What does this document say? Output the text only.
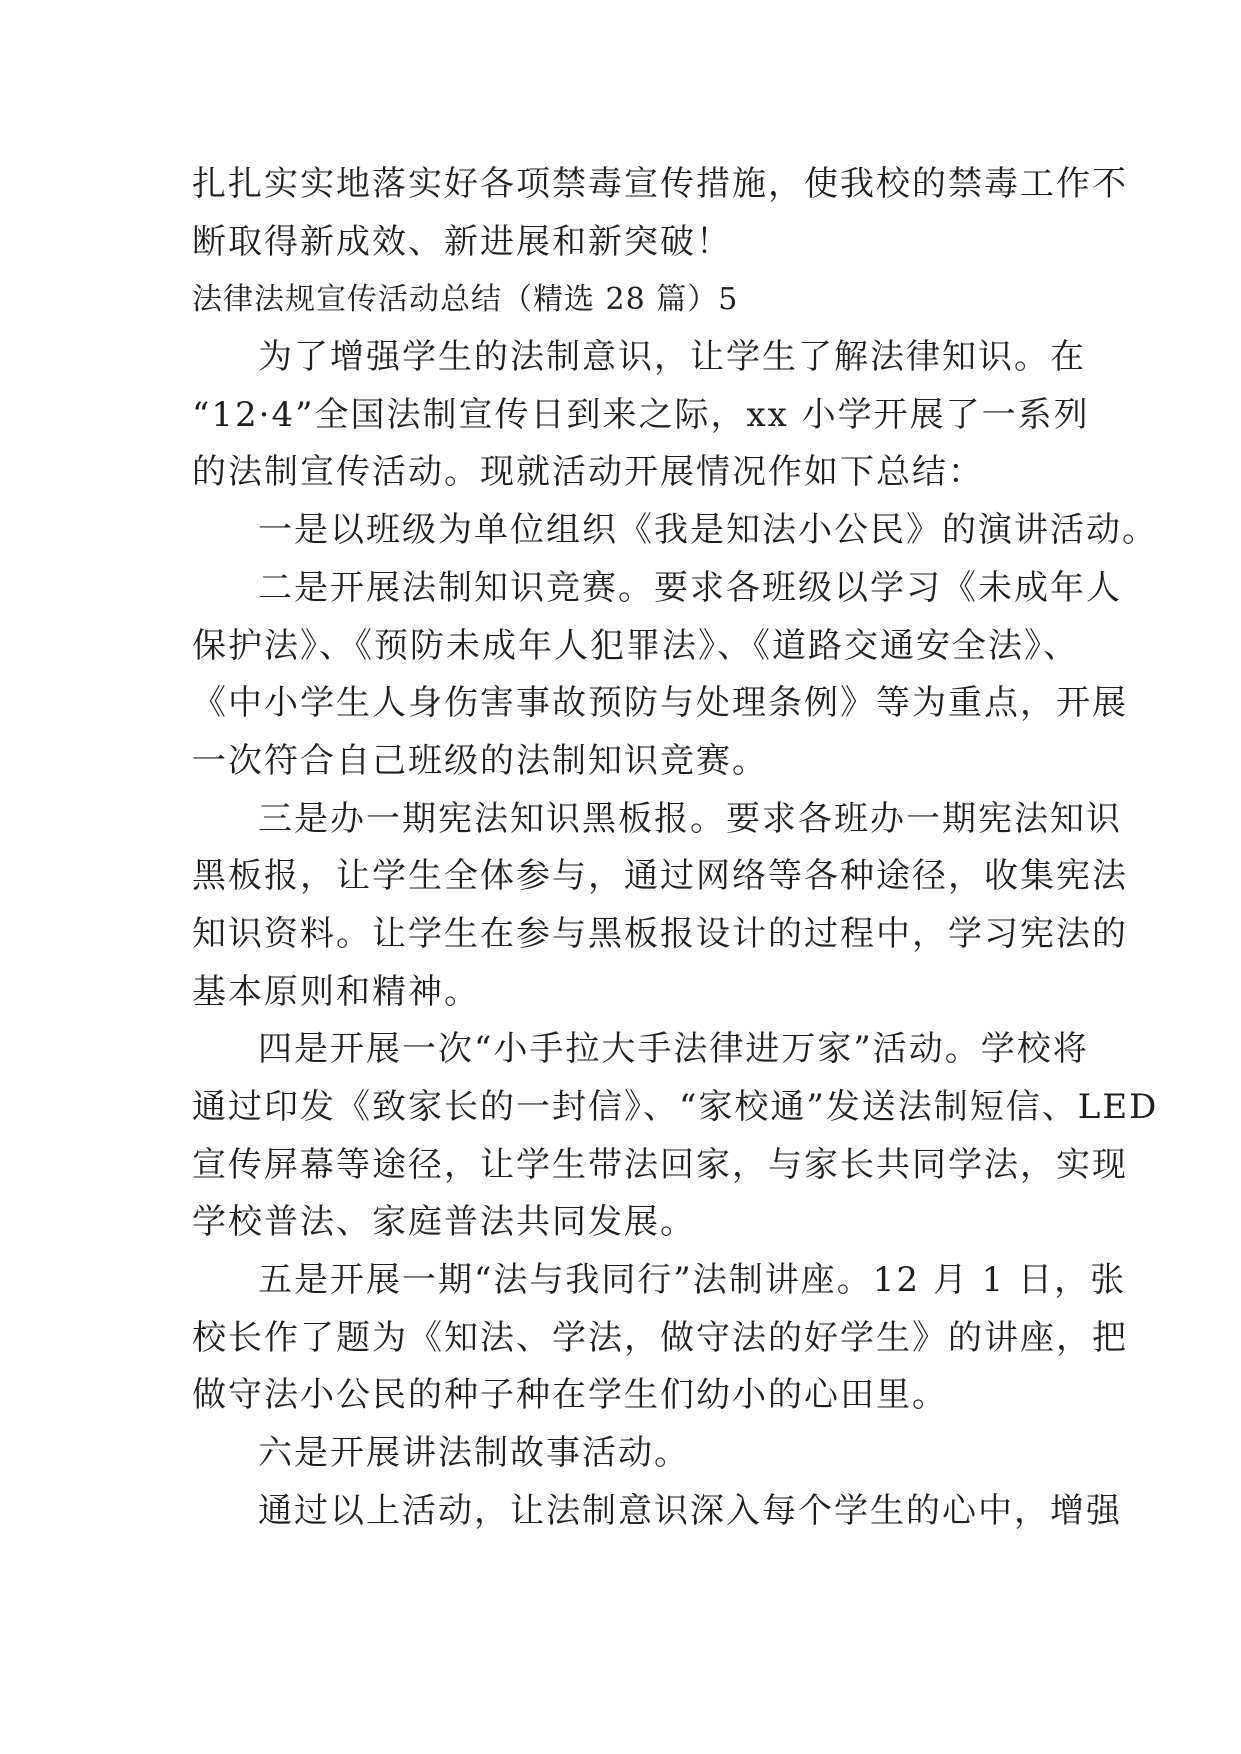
扎扎实实地落实好各项禁毒宣传措施，使我校的禁毒工作不
断取得新成效、新进展和新突破！
法律法规宣传活动总结（精选 28 篇）5
为了增强学生的法制意识，让学生了解法律知识。在
“12·4”全国法制宣传日到来之际，xx 小学开展了一系列
的法制宣传活动。现就活动开展情况作如下总结：
一是以班级为单位组织《我是知法小公民》的演讲活动。
二是开展法制知识竞赛。要求各班级以学习《未成年人
保护法》、《预防未成年人犯罪法》、《道路交通安全法》、
《中小学生人身伤害事故预防与处理条例》等为重点，开展
一次符合自己班级的法制知识竞赛。
三是办一期宪法知识黑板报。要求各班办一期宪法知识
黑板报，让学生全体参与，通过网络等各种途径，收集宪法
知识资料。让学生在参与黑板报设计的过程中，学习宪法的
基本原则和精神。
四是开展一次“小手拉大手法律进万家”活动。学校将
通过印发《致家长的一封信》、“家校通”发送法制短信、LED
宣传屏幕等途径，让学生带法回家，与家长共同学法，实现
学校普法、家庭普法共同发展。
五是开展一期“法与我同行”法制讲座。12 月 1 日，张
校长作了题为《知法、学法，做守法的好学生》的讲座，把
做守法小公民的种子种在学生们幼小的心田里。
六是开展讲法制故事活动。
通过以上活动，让法制意识深入每个学生的心中，增强
